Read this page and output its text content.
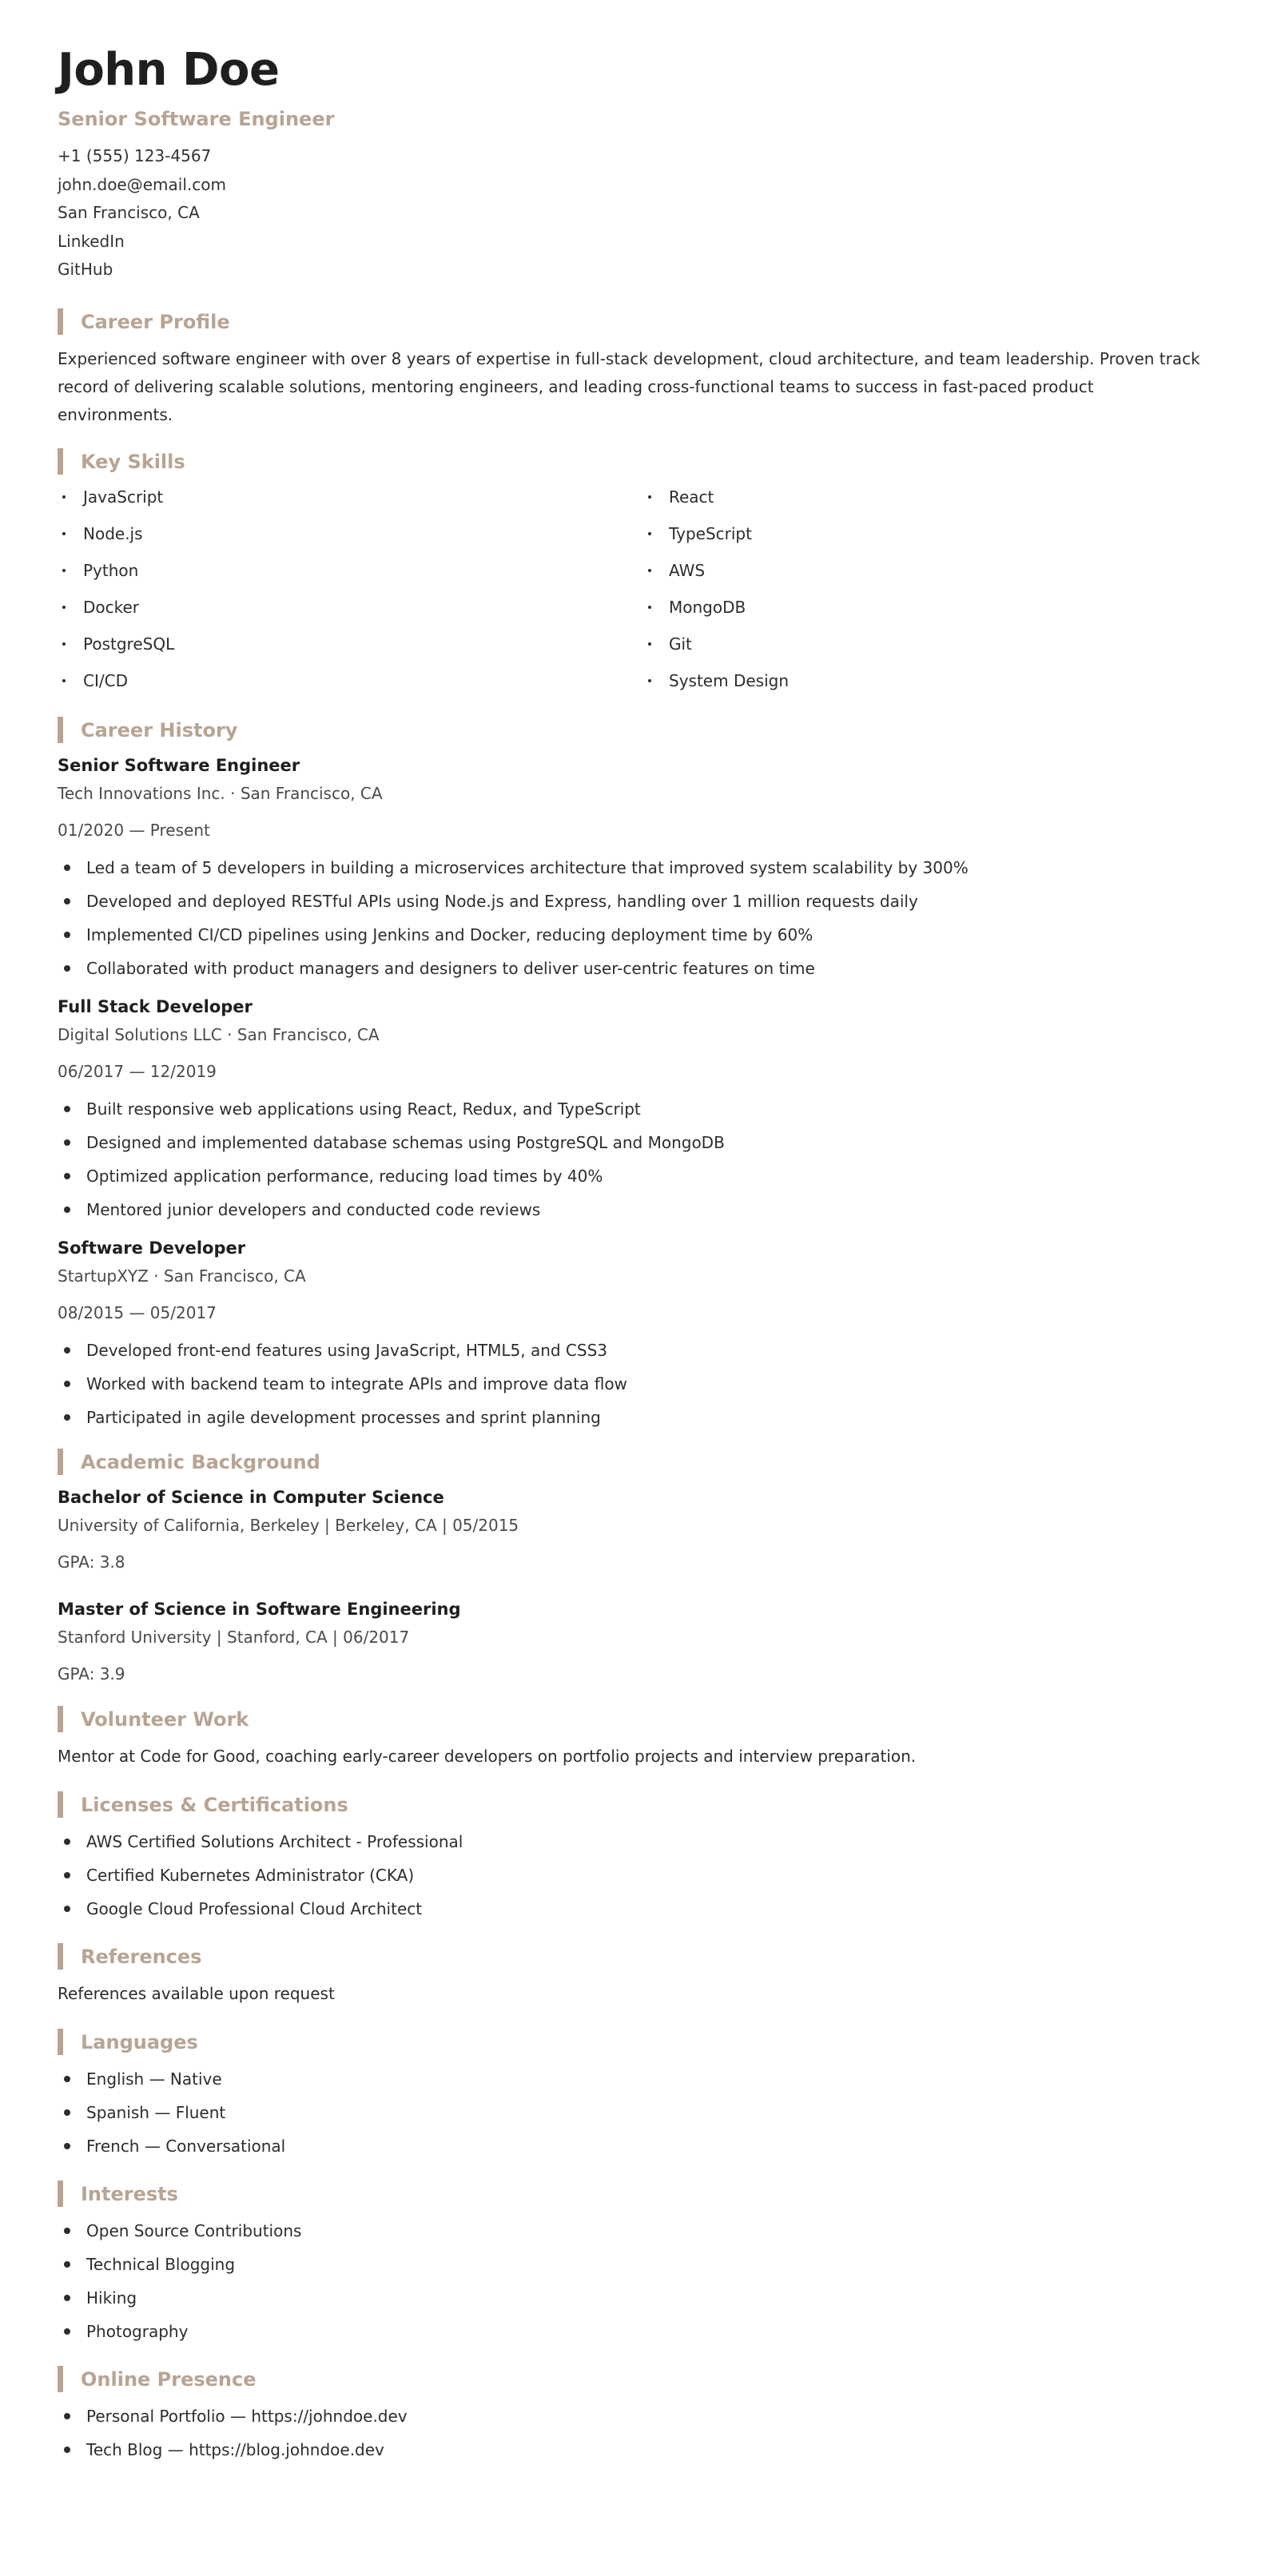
John Doe
Senior Software Engineer
+1 (555) 123-4567
john.doe@email.com
San Francisco, CA
LinkedIn
GitHub
Career Profile
Experienced software engineer with over 8 years of expertise in full-stack development, cloud architecture, and team leadership. Proven track record of delivering scalable solutions, mentoring engineers, and leading cross-functional teams to success in fast-paced product environments.
Key Skills
JavaScript	React
Node.js	TypeScript
Python	AWS
Docker	MongoDB
PostgreSQL	Git
CI/CD	System Design
Career History
Senior Software Engineer
Tech Innovations Inc. · San Francisco, CA
01/2020 — Present
Led a team of 5 developers in building a microservices architecture that improved system scalability by 300%
Developed and deployed RESTful APIs using Node.js and Express, handling over 1 million requests daily
Implemented CI/CD pipelines using Jenkins and Docker, reducing deployment time by 60%
Collaborated with product managers and designers to deliver user-centric features on time
Full Stack Developer
Digital Solutions LLC · San Francisco, CA
06/2017 — 12/2019
Built responsive web applications using React, Redux, and TypeScript
Designed and implemented database schemas using PostgreSQL and MongoDB
Optimized application performance, reducing load times by 40%
Mentored junior developers and conducted code reviews
Software Developer
StartupXYZ · San Francisco, CA
08/2015 — 05/2017
Developed front-end features using JavaScript, HTML5, and CSS3
Worked with backend team to integrate APIs and improve data flow
Participated in agile development processes and sprint planning
Academic Background
Bachelor of Science in Computer Science
University of California, Berkeley | Berkeley, CA | 05/2015
GPA: 3.8
Master of Science in Software Engineering
Stanford University | Stanford, CA | 06/2017
GPA: 3.9
Volunteer Work
Mentor at Code for Good, coaching early-career developers on portfolio projects and interview preparation.
Licenses & Certifications
AWS Certified Solutions Architect - Professional
Certified Kubernetes Administrator (CKA)
Google Cloud Professional Cloud Architect
References
References available upon request
Languages
English — Native
Spanish — Fluent
French — Conversational
Interests
Open Source Contributions
Technical Blogging
Hiking
Photography
Online Presence
Personal Portfolio — https://johndoe.dev
Tech Blog — https://blog.johndoe.dev
